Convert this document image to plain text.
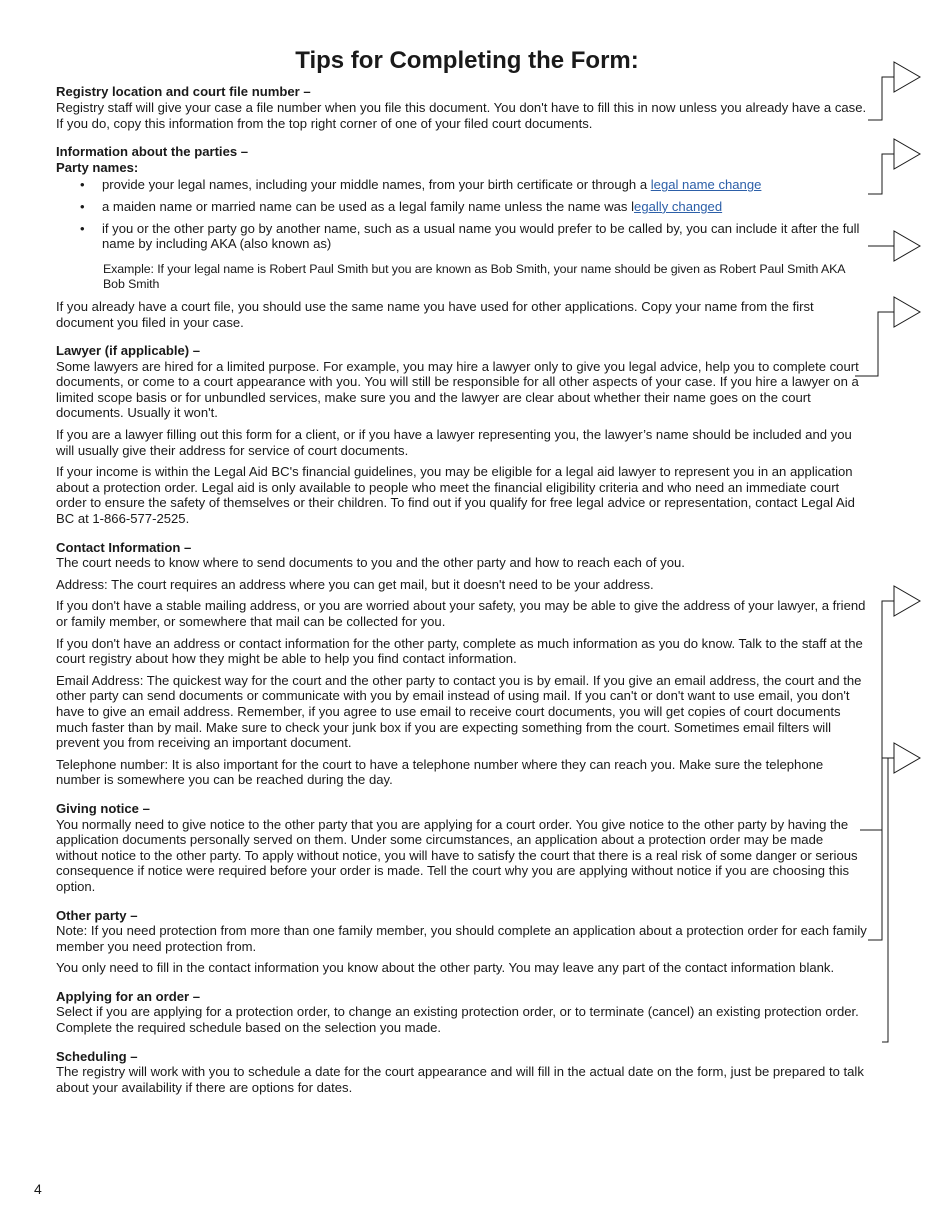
Tips for Completing the Form:

Registry location and court file number –

Registry staff will give your case a file number when you file this document. You don't have to fill this in now unless you already have a case. If you do, copy this information from the top right corner of one of your filed court documents.

Information about the parties –

Party names:

• provide your legal names, including your middle names, from your birth certificate or through a legal name change
• a maiden name or married name can be used as a legal family name unless the name was legally changed
• if you or the other party go by another name, such as a usual name you would prefer to be called by, you can include it after the full name by including AKA (also known as)

Example: If your legal name is Robert Paul Smith but you are known as Bob Smith, your name should be given as Robert Paul Smith AKA Bob Smith

If you already have a court file, you should use the same name you have used for other applications. Copy your name from the first document you filed in your case.

Lawyer (if applicable) –

Some lawyers are hired for a limited purpose. For example, you may hire a lawyer only to give you legal advice, help you to complete court documents, or come to a court appearance with you. You will still be responsible for all other aspects of your case. If you hire a lawyer on a limited scope basis or for unbundled services, make sure you and the lawyer are clear about whether their name goes on the court documents. Usually it won't.

If you are a lawyer filling out this form for a client, or if you have a lawyer representing you, the lawyer’s name should be included and you will usually give their address for service of court documents.

If your income is within the Legal Aid BC's financial guidelines, you may be eligible for a legal aid lawyer to represent you in an application about a protection order. Legal aid is only available to people who meet the financial eligibility criteria and who need an immediate court order to ensure the safety of themselves or their children. To find out if you qualify for free legal advice or representation, contact Legal Aid BC at 1-866-577-2525.

Contact Information –

The court needs to know where to send documents to you and the other party and how to reach each of you.

Address: The court requires an address where you can get mail, but it doesn't need to be your address.

If you don't have a stable mailing address, or you are worried about your safety, you may be able to give the address of your lawyer, a friend or family member, or somewhere that mail can be collected for you.

If you don't have an address or contact information for the other party, complete as much information as you do know. Talk to the staff at the court registry about how they might be able to help you find contact information.

Email Address: The quickest way for the court and the other party to contact you is by email. If you give an email address, the court and the other party can send documents or communicate with you by email instead of using mail. If you can't or don't want to use email, you don't have to give an email address. Remember, if you agree to use email to receive court documents, you will get copies of court documents much faster than by mail. Make sure to check your junk box if you are expecting something from the court. Sometimes email filters will prevent you from receiving an important document.

Telephone number: It is also important for the court to have a telephone number where they can reach you. Make sure the telephone number is somewhere you can be reached during the day.

Giving notice –

You normally need to give notice to the other party that you are applying for a court order. You give notice to the other party by having the application documents personally served on them. Under some circumstances, an application about a protection order may be made without notice to the other party. To apply without notice, you will have to satisfy the court that there is a real risk of some danger or serious consequence if notice were required before your order is made. Tell the court why you are applying without notice if you are choosing this option.

Other party –

Note: If you need protection from more than one family member, you should complete an application about a protection order for each family member you need protection from.

You only need to fill in the contact information you know about the other party. You may leave any part of the contact information blank.

Applying for an order –

Select if you are applying for a protection order, to change an existing protection order, or to terminate (cancel) an existing protection order. Complete the required schedule based on the selection you made.

Scheduling –

The registry will work with you to schedule a date for the court appearance and will fill in the actual date on the form, just be prepared to talk about your availability if there are options for dates.

4
